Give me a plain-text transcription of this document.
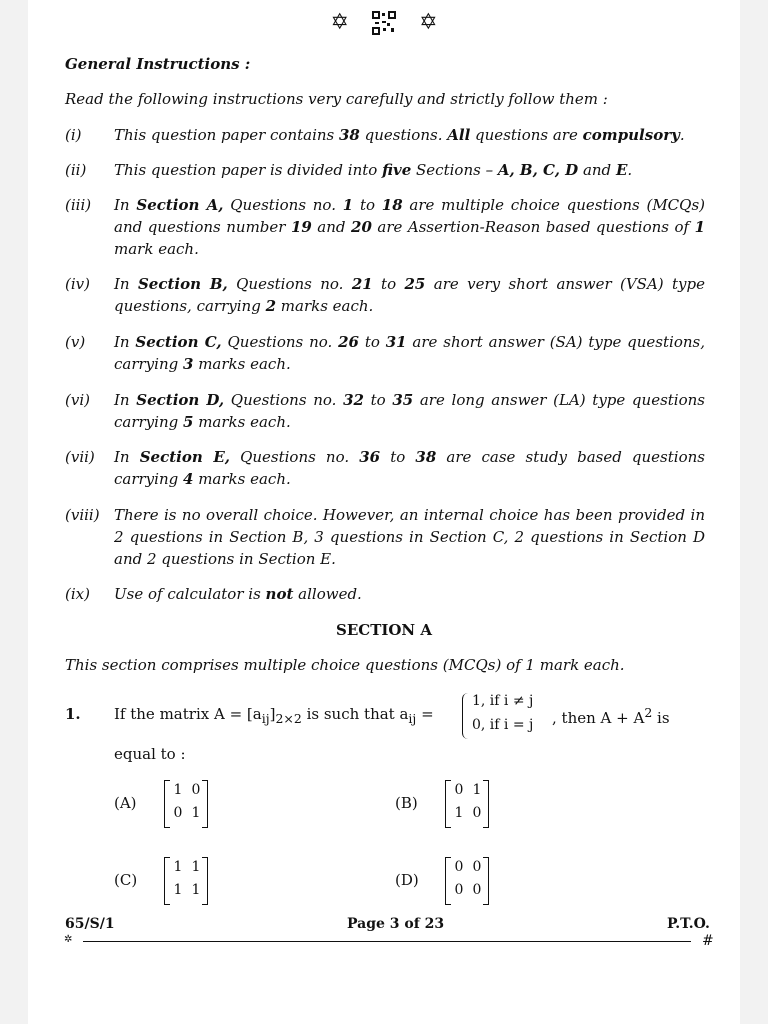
✡	✡
General Instructions :
Read the following instructions very carefully and strictly follow them :
(i) This question paper contains 38 questions. All questions are compulsory.
(ii) This question paper is divided into five Sections – A, B, C, D and E.
(iii) In Section A, Questions no. 1 to 18 are multiple choice questions (MCQs) and questions number 19 and 20 are Assertion-Reason based questions of 1 mark each.
(iv) In Section B, Questions no. 21 to 25 are very short answer (VSA) type questions, carrying 2 marks each.
(v) In Section C, Questions no. 26 to 31 are short answer (SA) type questions, carrying 3 marks each.
(vi) In Section D, Questions no. 32 to 35 are long answer (LA) type questions carrying 5 marks each.
(vii) In Section E, Questions no. 36 to 38 are case study based questions carrying 4 marks each.
(viii) There is no overall choice. However, an internal choice has been provided in 2 questions in Section B, 3 questions in Section C, 2 questions in Section D and 2 questions in Section E.
(ix) Use of calculator is not allowed.
SECTION A
This section comprises multiple choice questions (MCQs) of 1 mark each.
1. If the matrix $A = [a_{ij}]_{2\times 2}$ is such that $a_{ij}$ =
1, if i ≠ j
0, if i = j , then $A + A^2$ is
equal to :
(A)
1 0
0 1
(B)
0 1
1 0
(C)
1 1
1 1
(D)
0 0
0 0
65/S/1	Page 3 of 23	P.T.O.
✲	#
